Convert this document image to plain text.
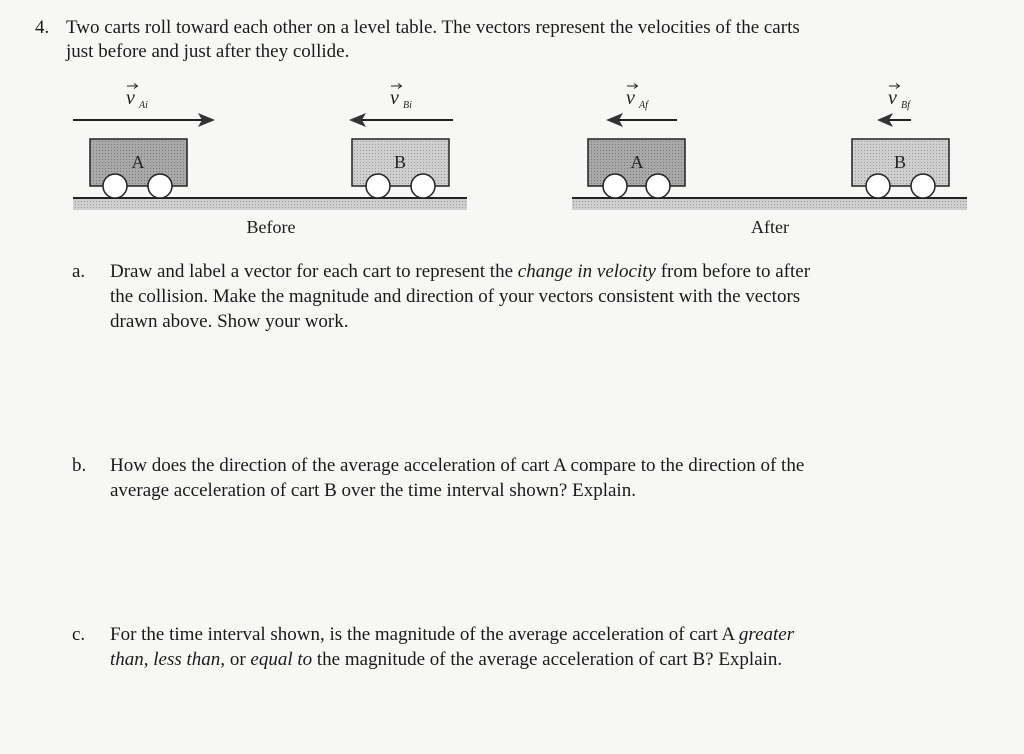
4. Two carts roll toward each other on a level table. The vectors represent the velocities of the carts
just before and just after they collide.
A	B	A	B
v Ai	v Bi	v Af	v Bf
Before	After
a. Draw and label a vector for each cart to represent the change in velocity from before to after
the collision. Make the magnitude and direction of your vectors consistent with the vectors
drawn above. Show your work.
b. How does the direction of the average acceleration of cart A compare to the direction of the
average acceleration of cart B over the time interval shown? Explain.
c. For the time interval shown, is the magnitude of the average acceleration of cart A greater
than, less than, or equal to the magnitude of the average acceleration of cart B? Explain.
